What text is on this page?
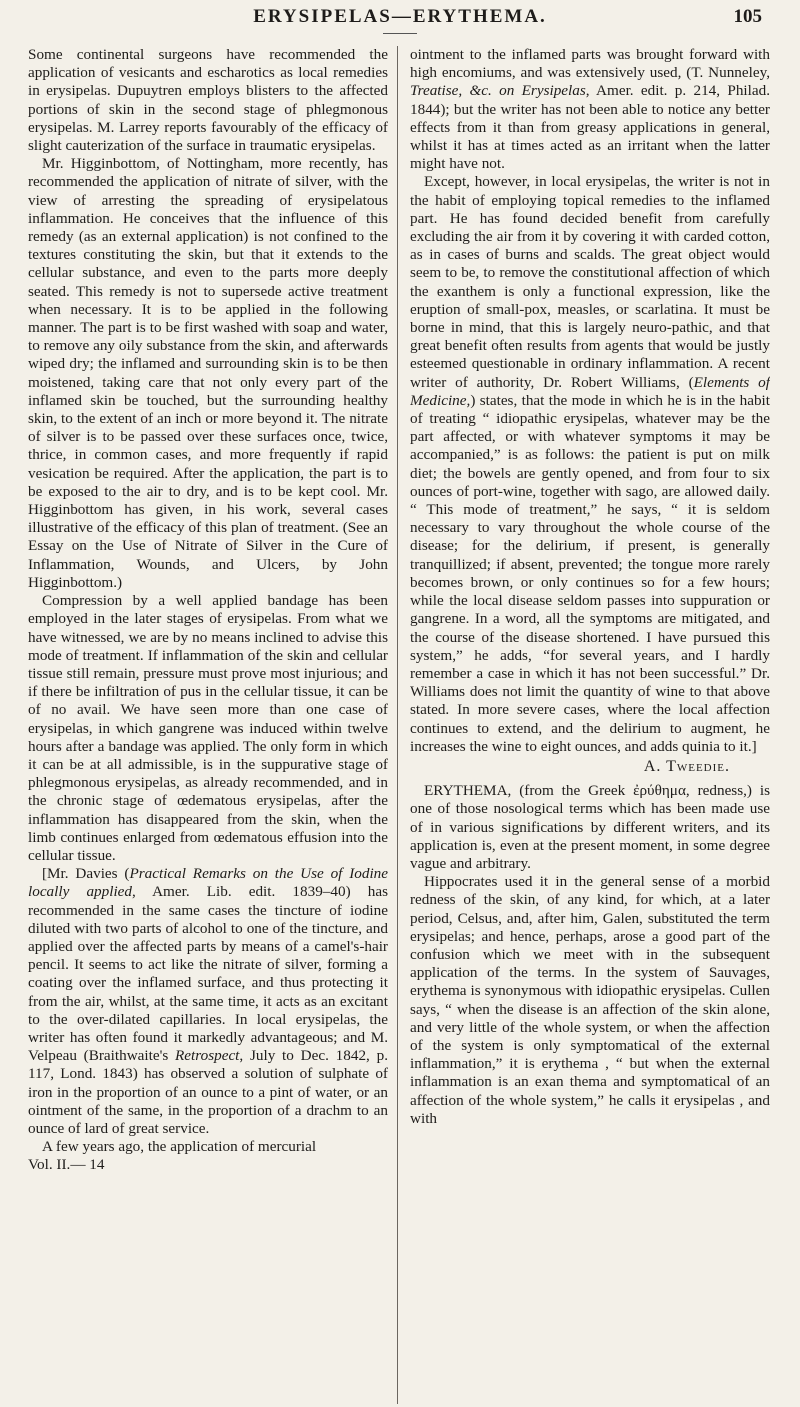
ERYSIPELAS—ERYTHEMA.	105

Some continental surgeons have recommended the application of vesicants and escharotics as local remedies in erysipelas. Dupuytren employs blisters to the affected portions of skin in the second stage of phlegmonous erysipelas. M. Larrey reports favourably of the efficacy of slight cauterization of the surface in traumatic erysipelas.

Mr. Higginbottom, of Nottingham, more recently, has recommended the application of nitrate of silver, with the view of arresting the spreading of erysipelatous inflammation. He conceives that the influence of this remedy (as an external application) is not confined to the textures constituting the skin, but that it extends to the cellular substance, and even to the parts more deeply seated. This remedy is not to supersede active treatment when necessary. It is to be applied in the following manner. The part is to be first washed with soap and water, to remove any oily substance from the skin, and afterwards wiped dry; the inflamed and surrounding skin is to be then moistened, taking care that not only every part of the inflamed skin be touched, but the surrounding healthy skin, to the extent of an inch or more beyond it. The nitrate of silver is to be passed over these surfaces once, twice, thrice, in common cases, and more frequently if rapid vesication be required. After the application, the part is to be exposed to the air to dry, and is to be kept cool. Mr. Higginbottom has given, in his work, several cases illustrative of the efficacy of this plan of treatment. (See an Essay on the Use of Nitrate of Silver in the Cure of Inflammation, Wounds, and Ulcers, by John Higginbottom.)

Compression by a well applied bandage has been employed in the later stages of erysipelas. From what we have witnessed, we are by no means inclined to advise this mode of treatment. If inflammation of the skin and cellular tissue still remain, pressure must prove most injurious; and if there be infiltration of pus in the cellular tissue, it can be of no avail. We have seen more than one case of erysipelas, in which gangrene was induced within twelve hours after a bandage was applied. The only form in which it can be at all admissible, is in the suppurative stage of phlegmonous erysipelas, as already recommended, and in the chronic stage of œdematous erysipelas, after the inflammation has disappeared from the skin, when the limb continues enlarged from œdematous effusion into the cellular tissue.

[Mr. Davies (Practical Remarks on the Use of Iodine locally applied, Amer. Lib. edit. 1839–40) has recommended in the same cases the tincture of iodine diluted with two parts of alcohol to one of the tincture, and applied over the affected parts by means of a camel's-hair pencil. It seems to act like the nitrate of silver, forming a coating over the inflamed surface, and thus protecting it from the air, whilst, at the same time, it acts as an excitant to the over-dilated capillaries. In local erysipelas, the writer has often found it markedly advantageous; and M. Velpeau (Braithwaite's Retrospect, July to Dec. 1842, p. 117, Lond. 1843) has observed a solution of sulphate of iron in the proportion of an ounce to a pint of water, or an ointment of the same, in the proportion of a drachm to an ounce of lard of great service.

A few years ago, the application of mercurial

Vol. II.— 14

ointment to the inflamed parts was brought forward with high encomiums, and was extensively used, (T. Nunneley, Treatise, &c. on Erysipelas, Amer. edit. p. 214, Philad. 1844); but the writer has not been able to notice any better effects from it than from greasy applications in general, whilst it has at times acted as an irritant when the latter might have not.

Except, however, in local erysipelas, the writer is not in the habit of employing topical remedies to the inflamed part. He has found decided benefit from carefully excluding the air from it by covering it with carded cotton, as in cases of burns and scalds. The great object would seem to be, to remove the constitutional affection of which the exanthem is only a functional expression, like the eruption of small-pox, measles, or scarlatina. It must be borne in mind, that this is largely neuro-pathic, and that great benefit often results from agents that would be justly esteemed questionable in ordinary inflammation. A recent writer of authority, Dr. Robert Williams, (Elements of Medicine,) states, that the mode in which he is in the habit of treating “ idiopathic erysipelas, whatever may be the part affected, or with whatever symptoms it may be accompanied,” is as follows: the patient is put on milk diet; the bowels are gently opened, and from four to six ounces of port-wine, together with sago, are allowed daily. “ This mode of treatment,” he says, “ it is seldom necessary to vary throughout the whole course of the disease; for the delirium, if present, is generally tranquillized; if absent, prevented; the tongue more rarely becomes brown, or only continues so for a few hours; while the local disease seldom passes into suppuration or gangrene. In a word, all the symptoms are mitigated, and the course of the disease shortened. I have pursued this system,” he adds, “for several years, and I hardly remember a case in which it has not been successful.” Dr. Williams does not limit the quantity of wine to that above stated. In more severe cases, where the local affection continues to extend, and the delirium to augment, he increases the wine to eight ounces, and adds quinia to it.]

A. Tweedie.

ERYTHEMA, (from the Greek ἐρύθημα, redness,) is one of those nosological terms which has been made use of in various significations by different writers, and its application is, even at the present moment, in some degree vague and arbitrary.

Hippocrates used it in the general sense of a morbid redness of the skin, of any kind, for which, at a later period, Celsus, and, after him, Galen, substituted the term erysipelas; and hence, perhaps, arose a good part of the confusion which we meet with in the subsequent application of the terms. In the system of Sauvages, erythema is synonymous with idiopathic erysipelas. Cullen says, “ when the disease is an affection of the skin alone, and very little of the whole system, or when the affection of the system is only symptomatical of the external inflammation,” it is erythema , “ but when the external inflammation is an exan thema and symptomatical of an affection of the whole system,” he calls it erysipelas , and with
